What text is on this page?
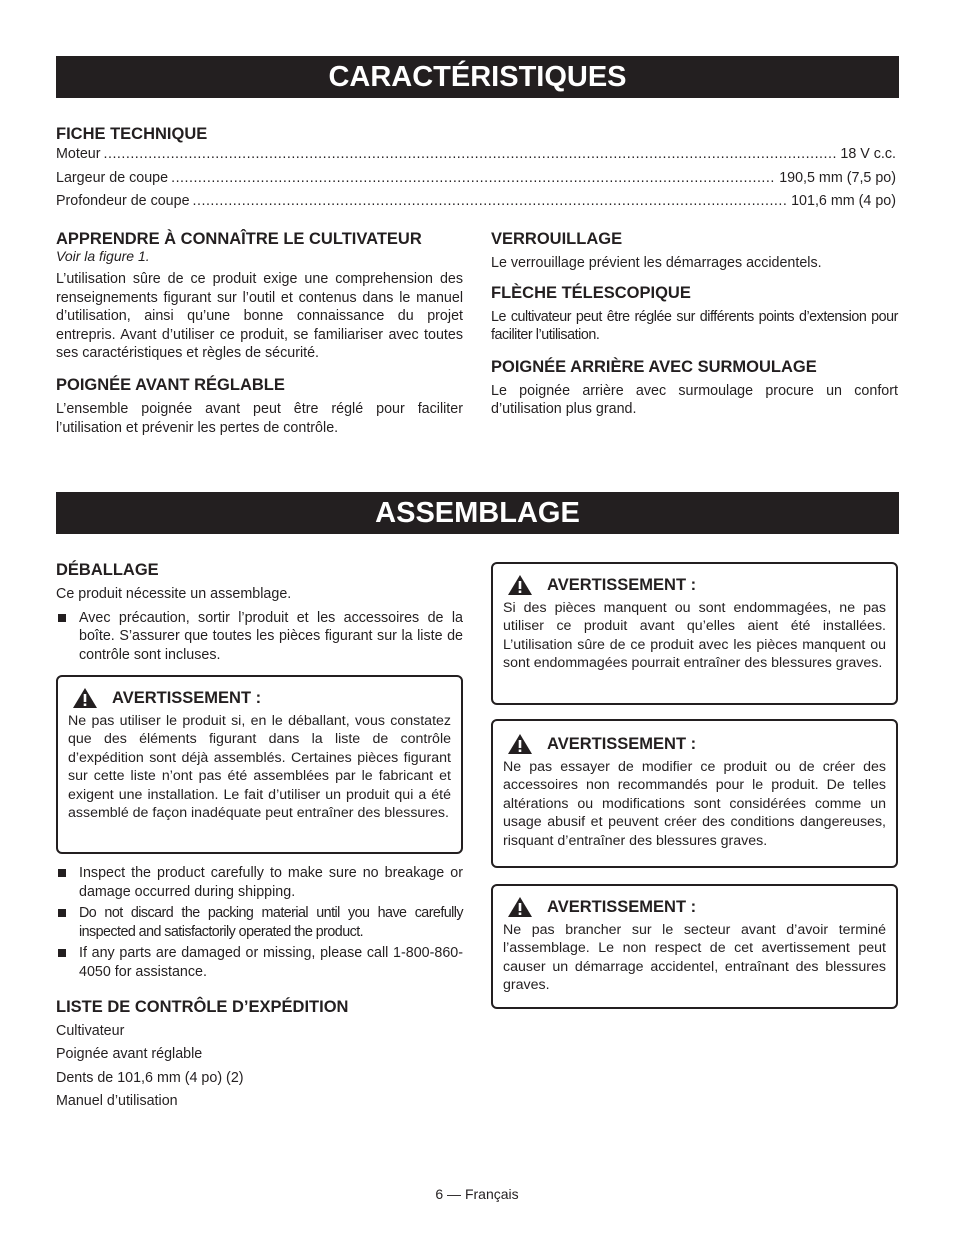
CARACTÉRISTIQUES
FICHE TECHNIQUE
Moteur .....	18 V c.c.
Largeur de coupe .....	190,5 mm (7,5 po)
Profondeur de coupe .....	101,6 mm (4 po)
APPRENDRE À CONNAÎTRE LE CULTIVATEUR
Voir la figure 1.

L’utilisation sûre de ce produit exige une comprehension des renseignements figurant sur l’outil et contenus dans le manuel d’utilisation, ainsi qu’une bonne connaissance du projet entrepris. Avant d’utiliser ce produit, se familiariser avec toutes ses caractéristiques et règles de sécurité.

POIGNÉE AVANT RÉGLABLE

L’ensemble poignée avant peut être réglé pour faciliter l’utilisation et prévenir les pertes de contrôle.

VERROUILLAGE

Le verrouillage prévient les démarrages accidentels.

FLÈCHE TÉLESCOPIQUE

Le cultivateur peut être réglée sur différents points d’extension pour faciliter l’utilisation.

POIGNÉE ARRIÈRE AVEC SURMOULAGE

Le poignée arrière avec surmoulage procure un confort d’utilisation plus grand.

ASSEMBLAGE
DÉBALLAGE

Ce produit nécessite un assemblage.

Avec précaution, sortir l’produit et les accessoires de la boîte. S’assurer que toutes les pièces figurant sur la liste de contrôle sont incluses.
AVERTISSEMENT :

Ne pas utiliser le produit si, en le déballant, vous constatez que des éléments figurant dans la liste de contrôle d’expédition sont déjà assemblés. Certaines pièces figurant sur cette liste n’ont pas été assemblées par le fabricant et exigent une installation. Le fait d’utiliser un produit qui a été assemblé de façon inadéquate peut entraîner des blessures.

Inspect the product carefully to make sure no breakage or damage occurred during shipping.
Do not discard the packing material until you have carefully inspected and satisfactorily operated the product.
If any parts are damaged or missing, please call 1-800-860-4050 for assistance.
LISTE DE CONTRÔLE D’EXPÉDITION
Cultivateur
Poignée avant réglable
Dents de 101,6 mm (4 po) (2)
Manuel d’utilisation
AVERTISSEMENT :

Si des pièces manquent ou sont endommagées, ne pas utiliser ce produit avant qu’elles aient été installées. L’utilisation sûre de ce produit avec les pièces manquent ou sont endommagées pourrait entraîner des blessures graves.

AVERTISSEMENT :

Ne pas essayer de modifier ce produit ou de créer des accessoires non recommandés pour le produit. De telles altérations ou modifications sont considérées comme un usage abusif et peuvent créer des conditions dangereuses, risquant d’entraîner des blessures graves.

AVERTISSEMENT :

Ne pas brancher sur le secteur avant d’avoir terminé l’assemblage. Le non respect de cet avertissement peut causer un démarrage accidentel, entraînant des blessures graves.

6 — Français
